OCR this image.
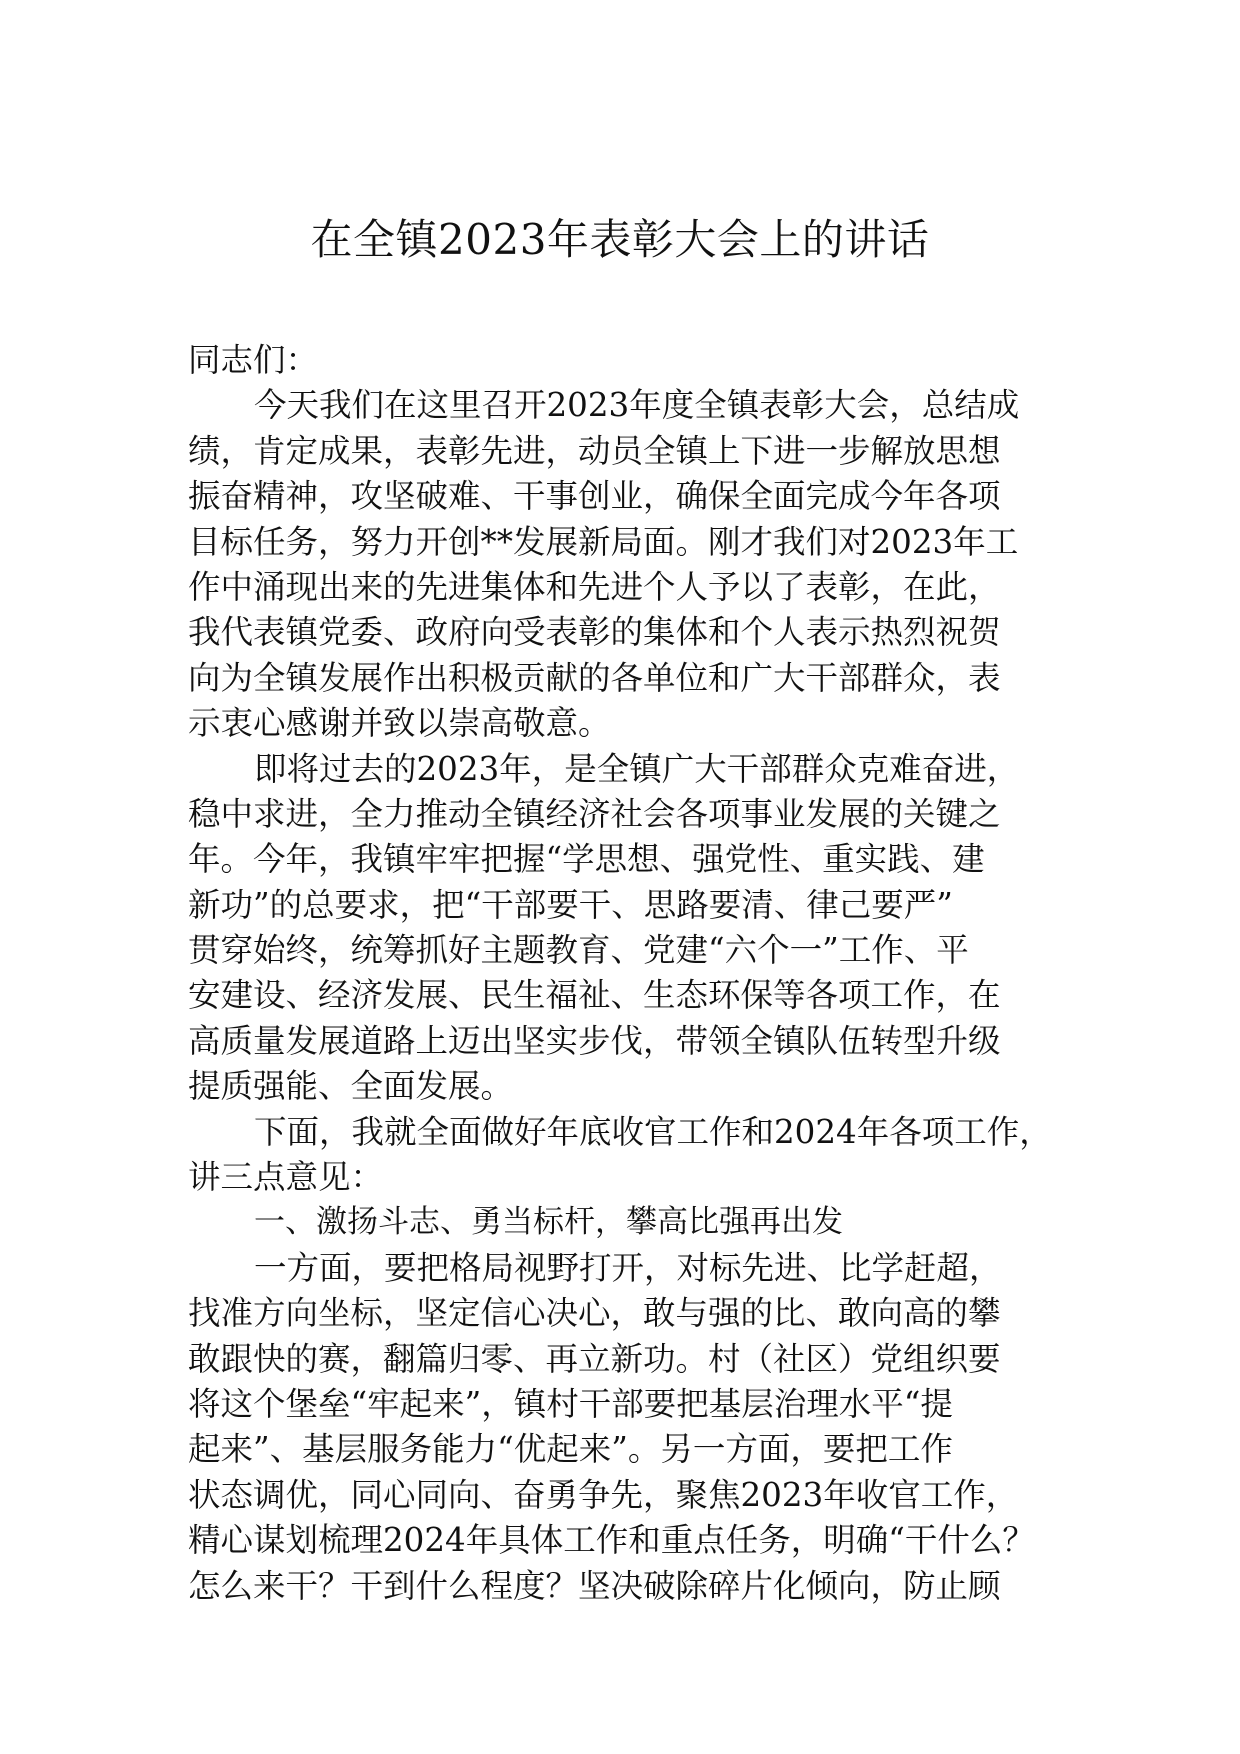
在全镇2023年表彰大会上的讲话
同志们：
今天我们在这里召开2023年度全镇表彰大会，总结成
绩，肯定成果，表彰先进，动员全镇上下进一步解放思想
振奋精神，攻坚破难、干事创业，确保全面完成今年各项
目标任务，努力开创**发展新局面。刚才我们对2023年工
作中涌现出来的先进集体和先进个人予以了表彰，在此，
我代表镇党委、政府向受表彰的集体和个人表示热烈祝贺
向为全镇发展作出积极贡献的各单位和广大干部群众，表
示衷心感谢并致以崇高敬意。
即将过去的2023年，是全镇广大干部群众克难奋进，
稳中求进，全力推动全镇经济社会各项事业发展的关键之
年。今年，我镇牢牢把握“学思想、强党性、重实践、建
新功”的总要求，把“干部要干、思路要清、律己要严”
贯穿始终，统筹抓好主题教育、党建“六个一”工作、平
安建设、经济发展、民生福祉、生态环保等各项工作，在
高质量发展道路上迈出坚实步伐，带领全镇队伍转型升级
提质强能、全面发展。
下面，我就全面做好年底收官工作和2024年各项工作，
讲三点意见：
一、激扬斗志、勇当标杆，攀高比强再出发
一方面，要把格局视野打开，对标先进、比学赶超，
找准方向坐标，坚定信心决心，敢与强的比、敢向高的攀
敢跟快的赛，翻篇归零、再立新功。村（社区）党组织要
将这个堡垒“牢起来”，镇村干部要把基层治理水平“提
起来”、基层服务能力“优起来”。另一方面，要把工作
状态调优，同心同向、奋勇争先，聚焦2023年收官工作，
精心谋划梳理2024年具体工作和重点任务，明确“干什么？
怎么来干？干到什么程度？坚决破除碎片化倾向，防止顾
